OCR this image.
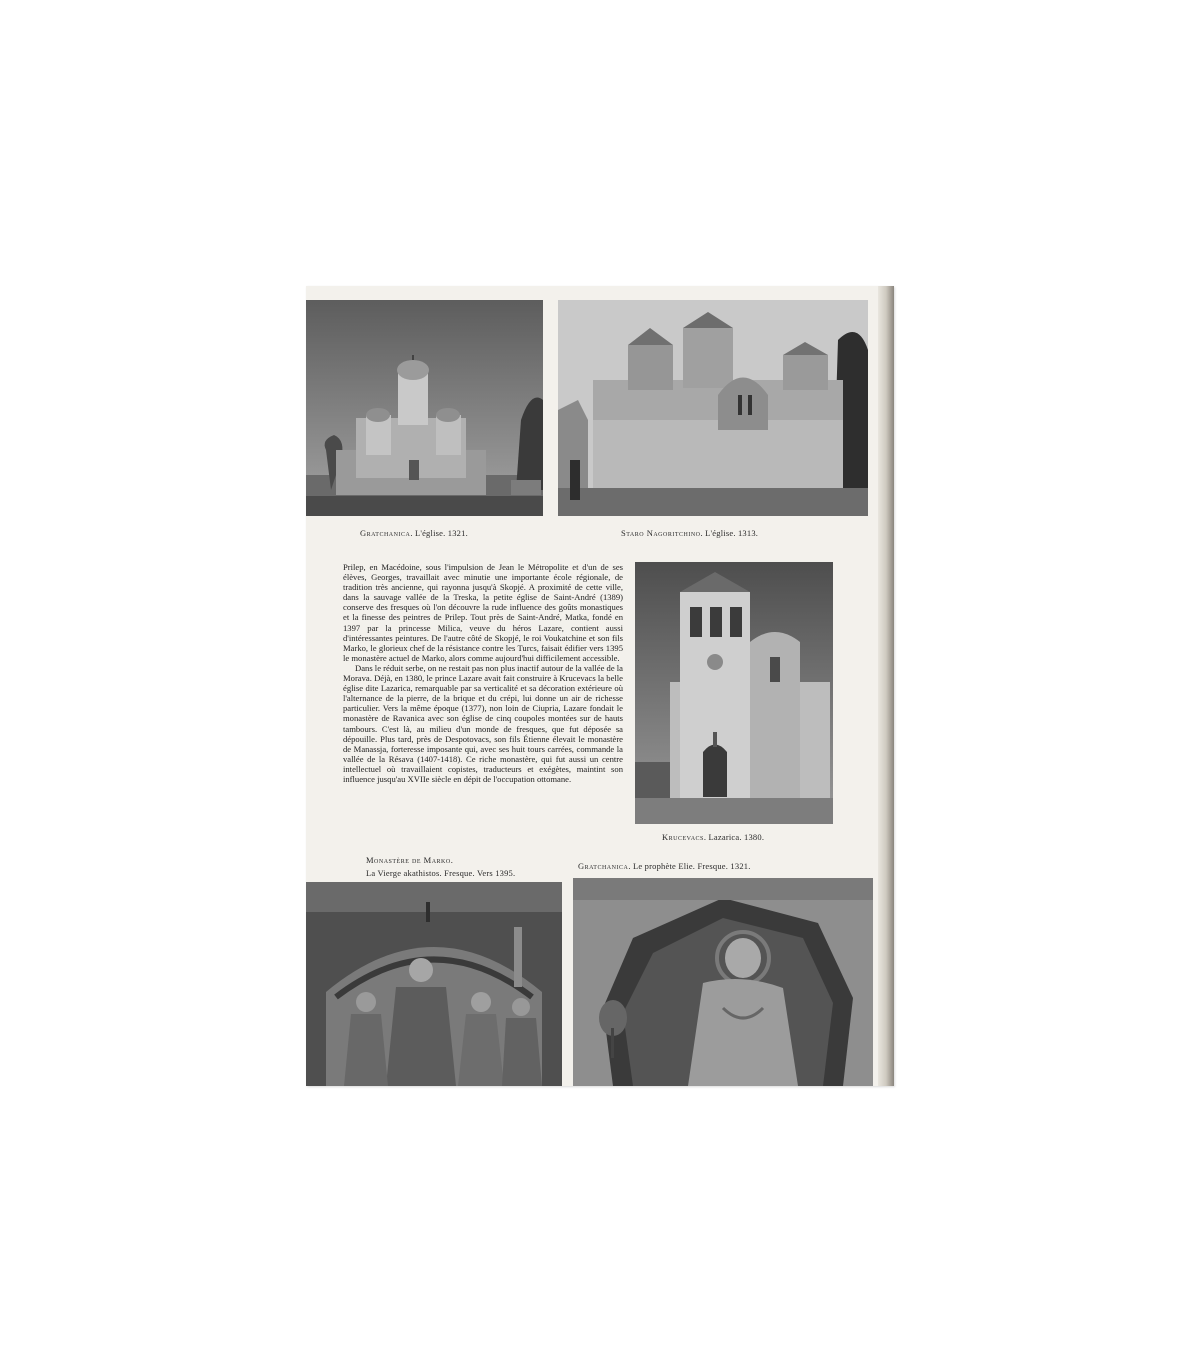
Gratchanica. L'église. 1321.	Staro Nagoritchino. L'église. 1313.

Prilep, en Macédoine, sous l'impulsion de Jean le Métropolite et d'un de ses élèves, Georges, travaillait avec minutie une importante école régionale, de tradition très ancienne, qui rayonna jusqu'à Skopjé. A proximité de cette ville, dans la sauvage vallée de la Treska, la petite église de Saint-André (1389) conserve des fresques où l'on découvre la rude influence des goûts monastiques et la finesse des peintres de Prilep. Tout près de Saint-André, Matka, fondé en 1397 par la princesse Milica, veuve du héros Lazare, contient aussi d'intéressantes peintures. De l'autre côté de Skopjé, le roi Voukatchine et son fils Marko, le glorieux chef de la résistance contre les Turcs, faisait édifier vers 1395 le monastère actuel de Marko, alors comme aujourd'hui difficilement accessible.

Dans le réduit serbe, on ne restait pas non plus inactif autour de la vallée de la Morava. Déjà, en 1380, le prince Lazare avait fait construire à Krucevacs la belle église dite Lazarica, remarquable par sa verticalité et sa décoration extérieure où l'alternance de la pierre, de la brique et du crépi, lui donne un air de richesse particulier. Vers la même époque (1377), non loin de Ciupria, Lazare fondait le monastère de Ravanica avec son église de cinq coupoles montées sur de hauts tambours. C'est là, au milieu d'un monde de fresques, que fut déposée sa dépouille. Plus tard, près de Despotovacs, son fils Étienne élevait le monastère de Manassja, forteresse imposante qui, avec ses huit tours carrées, commande la vallée de la Résava (1407-1418). Ce riche monastère, qui fut aussi un centre intellectuel où travaillaient copistes, traducteurs et exégètes, maintint son influence jusqu'au XVIIe siècle en dépit de l'occupation ottomane.

Krucevacs. Lazarica. 1380.
Monastère de Marko.
La Vierge akathistos. Fresque. Vers 1395.
Gratchanica. Le prophète Elie. Fresque. 1321.
